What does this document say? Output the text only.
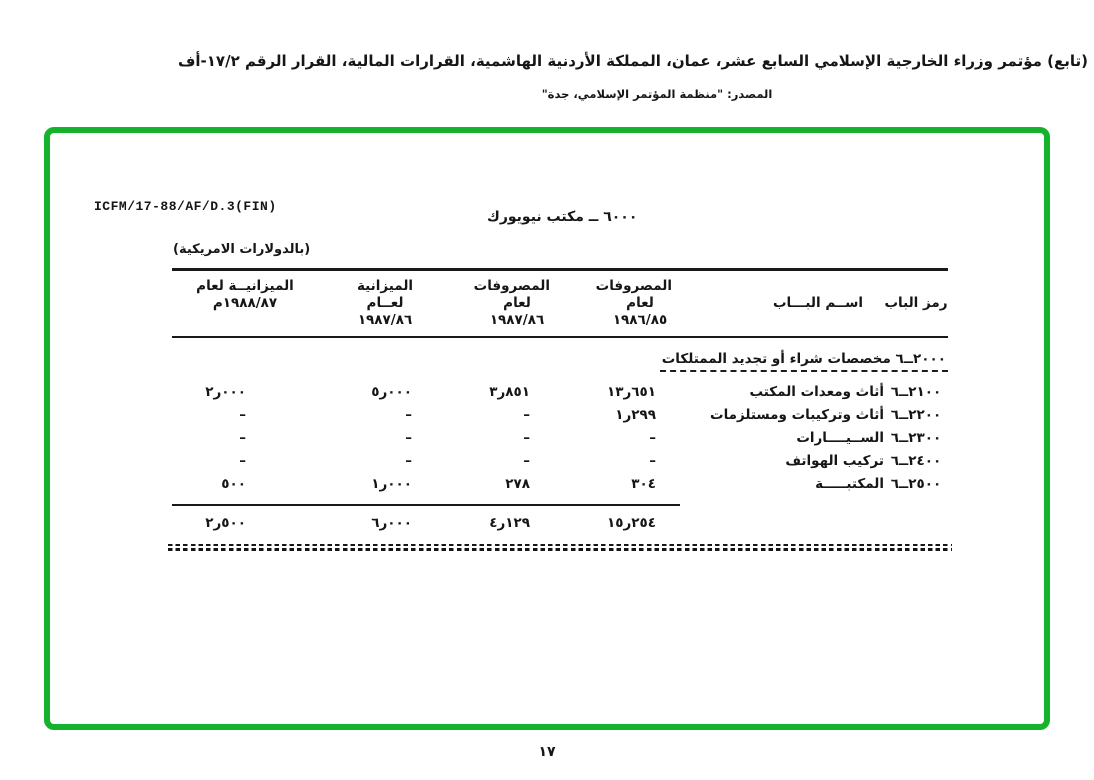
(تابع) مؤتمر وزراء الخارجية الإسلامي السابع عشر، عمان، المملكة الأردنية الهاشمية، القرارات المالية، القرار الرقم ١٧/٢-أف
المصدر: "منظمة المؤتمر الإسلامي، جدة"
ICFM/17-88/AF/D.3(FIN)
٦٠٠٠ ــ مكتب نيويورك
(بالدولارات الامريكية)
رمز الباب
اســم البـــاب
المصروفات لعام
١٩٨٦/٨٥
المصروفات لعام
١٩٨٧/٨٦
الميزانية لعــام
١٩٨٧/٨٦
الميزانيــة لعام
١٩٨٨/٨٧م
٢٠٠٠ــ٦ مخصصات شراء أو تجديد الممتلكات
٢١٠٠ــ٦
أثاث ومعدات المكتب
١٣ر٦٥١
٣ر٨٥١
٥ر٠٠٠
٢ر٠٠٠
٢٢٠٠ــ٦
أثاث وتركيبات ومستلزمات
١ر٢٩٩
–
–
–
٢٣٠٠ــ٦
الســيــــارات
–
–
–
–
٢٤٠٠ــ٦
تركيب الهواتف
–
–
–
–
٢٥٠٠ــ٦
المكتبـــــة
٣٠٤
٢٧٨
١ر٠٠٠
٥٠٠
١٥ر٢٥٤
٤ر١٢٩
٦ر٠٠٠
٢ر٥٠٠
١٧
